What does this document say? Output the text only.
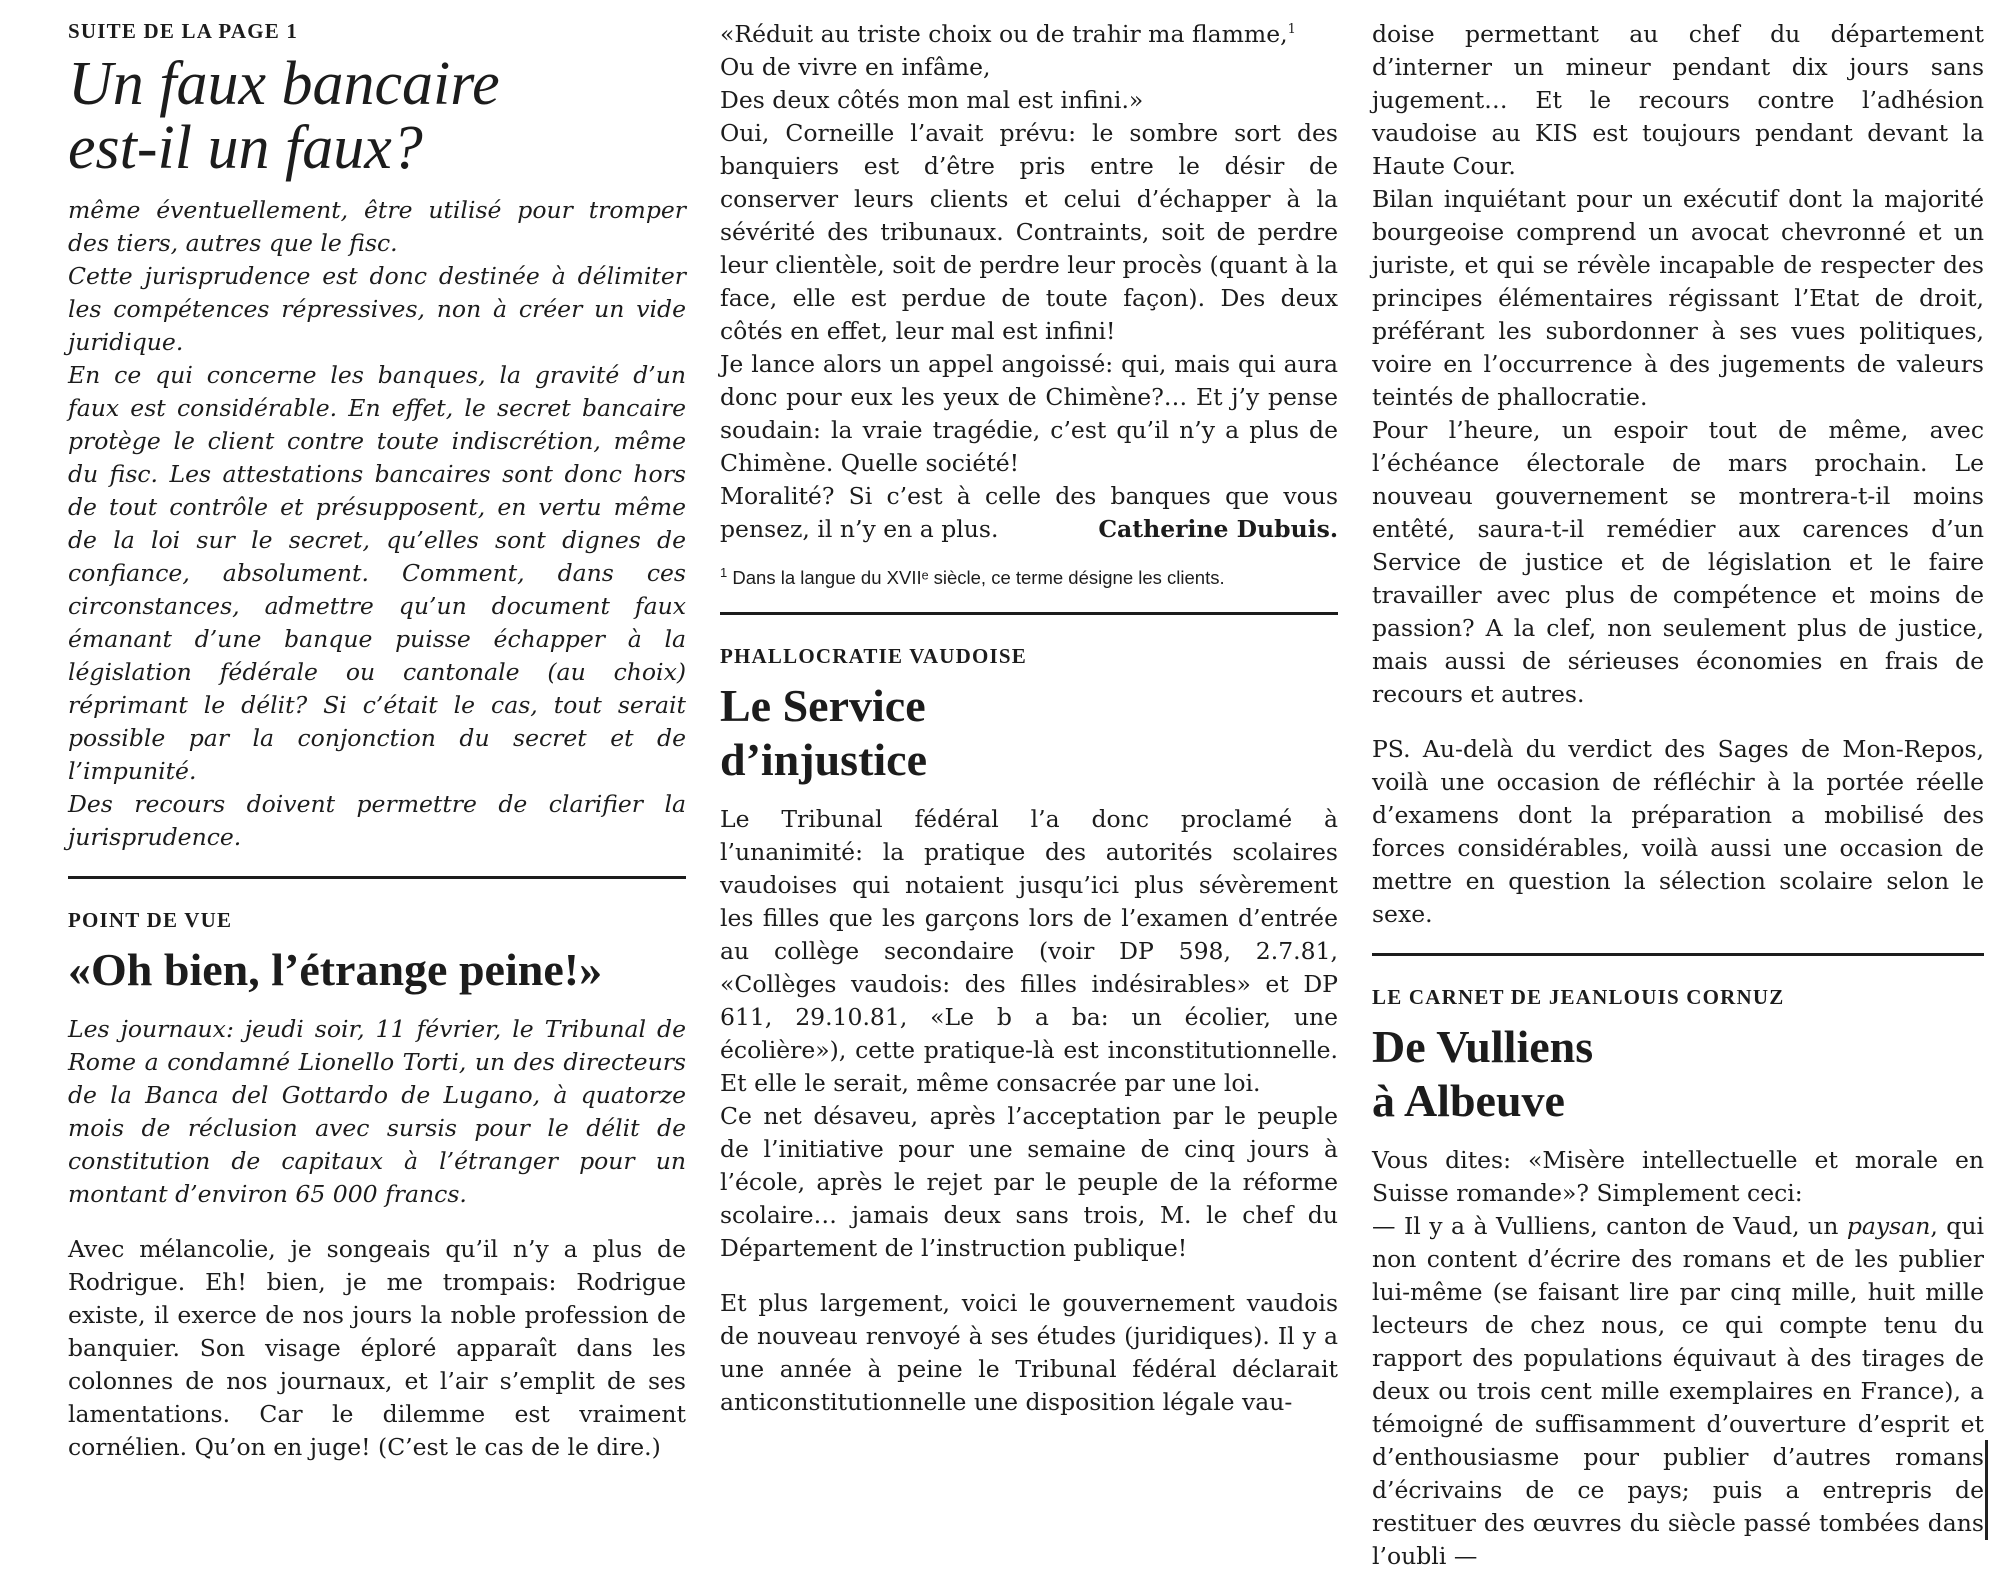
SUITE DE LA PAGE 1
Un faux bancaire
est-il un faux?

même éventuellement, être utilisé pour tromper des tiers, autres que le fisc.

Cette jurisprudence est donc destinée à délimiter les compétences répressives, non à créer un vide juridique.

En ce qui concerne les banques, la gravité d’un faux est considérable. En effet, le secret bancaire protège le client contre toute indiscrétion, même du fisc. Les attestations bancaires sont donc hors de tout contrôle et présupposent, en vertu même de la loi sur le secret, qu’elles sont dignes de confiance, absolument. Comment, dans ces circonstances, admettre qu’un document faux émanant d’une banque puisse échapper à la législation fédérale ou cantonale (au choix) réprimant le délit? Si c’était le cas, tout serait possible par la conjonction du secret et de l’impunité.

Des recours doivent permettre de clarifier la jurisprudence.

POINT DE VUE
«Oh bien, l’étrange peine!»

Les journaux: jeudi soir, 11 février, le Tribunal de Rome a condamné Lionello Torti, un des directeurs de la Banca del Gottardo de Lugano, à quatorze mois de réclusion avec sursis pour le délit de constitution de capitaux à l’étranger pour un montant d’environ 65 000 francs.

Avec mélancolie, je songeais qu’il n’y a plus de Rodrigue. Eh! bien, je me trompais: Rodrigue existe, il exerce de nos jours la noble profession de banquier. Son visage éploré apparaît dans les colonnes de nos journaux, et l’air s’emplit de ses lamentations. Car le dilemme est vraiment cornélien. Qu’on en juge! (C’est le cas de le dire.)

«Réduit au triste choix ou de trahir ma flamme,$^1$

Ou de vivre en infâme,

Des deux côtés mon mal est infini.»

Oui, Corneille l’avait prévu: le sombre sort des banquiers est d’être pris entre le désir de conserver leurs clients et celui d’échapper à la sévérité des tribunaux. Contraints, soit de perdre leur clientèle, soit de perdre leur procès (quant à la face, elle est perdue de toute façon). Des deux côtés en effet, leur mal est infini!

Je lance alors un appel angoissé: qui, mais qui aura donc pour eux les yeux de Chimène?… Et j’y pense soudain: la vraie tragédie, c’est qu’il n’y a plus de Chimène. Quelle société!

Moralité? Si c’est à celle des banques que vous pensez, il n’y en a plus.	Catherine Dubuis.

$^1$ Dans la langue du XVIIᵉ siècle, ce terme désigne les clients.

PHALLOCRATIE VAUDOISE
Le Service
d’injustice

Le Tribunal fédéral l’a donc proclamé à l’unanimité: la pratique des autorités scolaires vaudoises qui notaient jusqu’ici plus sévèrement les filles que les garçons lors de l’examen d’entrée au collège secondaire (voir DP 598, 2.7.81, «Collèges vaudois: des filles indésirables» et DP 611, 29.10.81, «Le b a ba: un écolier, une écolière»), cette pratique-là est inconstitutionnelle. Et elle le serait, même consacrée par une loi.

Ce net désaveu, après l’acceptation par le peuple de l’initiative pour une semaine de cinq jours à l’école, après le rejet par le peuple de la réforme scolaire… jamais deux sans trois, M. le chef du Département de l’instruction publique!

Et plus largement, voici le gouvernement vaudois de nouveau renvoyé à ses études (juridiques). Il y a une année à peine le Tribunal fédéral déclarait anticonstitutionnelle une disposition légale vau-

doise permettant au chef du département d’interner un mineur pendant dix jours sans jugement… Et le recours contre l’adhésion vaudoise au KIS est toujours pendant devant la Haute Cour.

Bilan inquiétant pour un exécutif dont la majorité bourgeoise comprend un avocat chevronné et un juriste, et qui se révèle incapable de respecter des principes élémentaires régissant l’Etat de droit, préférant les subordonner à ses vues politiques, voire en l’occurrence à des jugements de valeurs teintés de phallocratie.

Pour l’heure, un espoir tout de même, avec l’échéance électorale de mars prochain. Le nouveau gouvernement se montrera-t-il moins entêté, saura-t-il remédier aux carences d’un Service de justice et de législation et le faire travailler avec plus de compétence et moins de passion? A la clef, non seulement plus de justice, mais aussi de sérieuses économies en frais de recours et autres.

PS. Au-delà du verdict des Sages de Mon-Repos, voilà une occasion de réfléchir à la portée réelle d’examens dont la préparation a mobilisé des forces considérables, voilà aussi une occasion de mettre en question la sélection scolaire selon le sexe.

LE CARNET DE JEANLOUIS CORNUZ
De Vulliens
à Albeuve

Vous dites: «Misère intellectuelle et morale en Suisse romande»? Simplement ceci:

— Il y a à Vulliens, canton de Vaud, un paysan, qui non content d’écrire des romans et de les publier lui-même (se faisant lire par cinq mille, huit mille lecteurs de chez nous, ce qui compte tenu du rapport des populations équivaut à des tirages de deux ou trois cent mille exemplaires en France), a témoigné de suffisamment d’ouverture d’esprit et d’enthousiasme pour publier d’autres romans d’écrivains de ce pays; puis a entrepris de restituer des œuvres du siècle passé tombées dans l’oubli —
